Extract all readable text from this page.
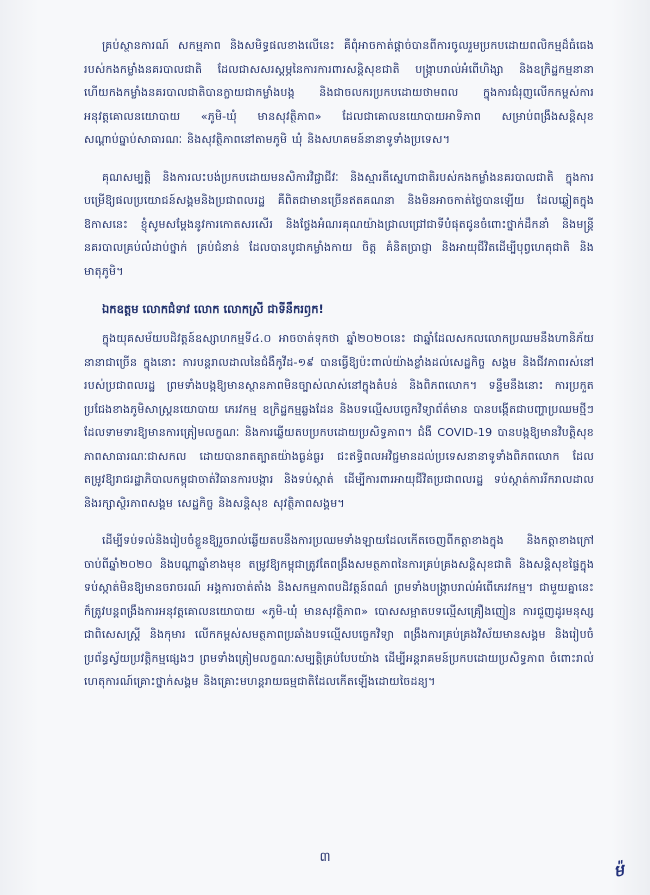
គ្រប់ស្ថានការណ៍ សកម្មភាព និងសមិទ្ធផលខាងលើនេះ គឺពុំអាចកាត់ផ្តាច់បានពីការចូលរួមប្រកបដោយពលិកម្មដ៏ធំធេងរបស់កងកម្លាំងនគរបាលជាតិ ដែលជាសសរស្តម្ភនៃការការពារសន្តិសុខជាតិ បង្ក្រាបរាល់អំពើហិង្សា និងឧក្រិដ្ឋកម្មនានា ហើយកងកម្លាំងនគរបាលជាតិបានក្លាយជាកម្លាំងបង្ក និងជាចលករប្រកបដោយថាមពល ក្នុងការជំរុញលើកកម្ពស់ការអនុវត្តគោលនយោបាយ «ភូមិ-ឃុំ មានសុវត្ថិភាព» ដែលជាគោលនយោបាយអាទិភាព សម្រាប់ពង្រឹងសន្តិសុខ សណ្តាប់ធ្នាប់សាធារណៈ និងសុវត្ថិភាពនៅតាមភូមិ ឃុំ និងសហគមន៍នានាទូទាំងប្រទេស។

គុណសម្បត្តិ និងការលះបង់ប្រកបដោយមនសិការវិជ្ជាជីវៈ និងស្មារតីស្នេហាជាតិរបស់កងកម្លាំងនគរបាលជាតិ ក្នុងការបម្រើឱ្យផលប្រយោជន៍សង្គមនិងប្រជាពលរដ្ឋ គឺពិតជាមានច្រើនឥតគណនា និងមិនអាចកាត់ថ្លៃបានឡើយ ដែលឆ្លៀតក្នុងឱកាសនេះ ខ្ញុំសូមសម្តែងនូវការកោតសរសើរ និងថ្លែងអំណរគុណយ៉ាងជ្រាលជ្រៅជាទីបំផុតជូនចំពោះថ្នាក់ដឹកនាំ និងមន្ត្រីនគរបាលគ្រប់លំដាប់ថ្នាក់ គ្រប់ជំនាន់ ដែលបានបូជាកម្លាំងកាយ ចិត្ត គំនិតប្រាជ្ញា និងអាយុជីវិតដើម្បីបុព្វហេតុជាតិ និងមាតុភូមិ។

ឯកឧត្តម លោកជំទាវ លោក លោកស្រី ជាទីនឹករឭក!

ក្នុងយុគសម័យបដិវត្តន៍ឧស្សាហកម្មទី៤.០ អាចចាត់ទុកថា ឆ្នាំ២០២០នេះ ជាឆ្នាំដែលសកលលោកប្រឈមនឹងហានិភ័យនានាជាច្រើន ក្នុងនោះ ការបន្តរាលដាលនៃជំងឺកូវីដ-១៩ បានធ្វើឱ្យប៉ះពាល់យ៉ាងខ្លាំងដល់សេដ្ឋកិច្ច សង្គម និងជីវភាពរស់នៅរបស់ប្រជាពលរដ្ឋ ព្រមទាំងបង្កឱ្យមានស្ថានភាពមិនច្បាស់លាស់នៅក្នុងតំបន់ និងពិភពលោក។ ទន្ទឹមនឹងនោះ ការប្រកួតប្រជែងខាងភូមិសាស្ត្រនយោបាយ ភេរវកម្ម ឧក្រិដ្ឋកម្មឆ្លងដែន និងបទល្មើសបច្ចេកវិទ្យាព័ត៌មាន បានបង្កើតជាបញ្ហាប្រឈមថ្មីៗ ដែលទាមទារឱ្យមានការត្រៀមលក្ខណៈ និងការឆ្លើយតបប្រកបដោយប្រសិទ្ធភាព។ ជំងឺ COVID-19 បានបង្កឱ្យមានវិបត្តិសុខភាពសាធារណៈជាសកល ដោយបានរាតត្បាតយ៉ាងធ្ងន់ធ្ងរ ជះឥទ្ធិពលអវិជ្ជមានដល់ប្រទេសនានាទូទាំងពិភពលោក ដែលតម្រូវឱ្យរាជរដ្ឋាភិបាលកម្ពុជាចាត់វិធានការបង្ការ និងទប់ស្កាត់ ដើម្បីការពារអាយុជីវិតប្រជាពលរដ្ឋ ទប់ស្កាត់ការរីករាលដាល និងរក្សាស្ថិរភាពសង្គម សេដ្ឋកិច្ច និងសន្តិសុខ សុវត្ថិភាពសង្គម។

ដើម្បីទប់ទល់និងរៀបចំខ្លួនឱ្យរួចរាល់ឆ្លើយតបនឹងការប្រឈមទាំងឡាយដែលកើតចេញពីកត្តាខាងក្នុង និងកត្តាខាងក្រៅ ចាប់ពីឆ្នាំ២០២០ និងបណ្តាឆ្នាំខាងមុខ តម្រូវឱ្យកម្ពុជាត្រូវតែពង្រឹងសមត្ថភាពនៃការគ្រប់គ្រងសន្តិសុខជាតិ និងសន្តិសុខផ្ទៃក្នុង ទប់ស្កាត់មិនឱ្យមានចរាចរណ៍ អង្គការចាត់តាំង និងសកម្មភាពបដិវត្តន៍ពណ៌ ព្រមទាំងបង្ក្រាបរាល់អំពើភេរវកម្ម។ ជាមួយគ្នានេះ ក៏ត្រូវបន្តពង្រឹងការអនុវត្តគោលនយោបាយ «ភូមិ-ឃុំ មានសុវត្ថិភាព» បោសសម្អាតបទល្មើសគ្រឿងញៀន ការជួញដូរមនុស្ស ជាពិសេសស្ត្រី និងកុមារ លើកកម្ពស់សមត្ថភាពប្រឆាំងបទល្មើសបច្ចេកវិទ្យា ពង្រឹងការគ្រប់គ្រងវិស័យមានសង្គម និងរៀបចំប្រព័ន្ធស្វ័យប្រវត្តិកម្មផ្សេងៗ ព្រមទាំងត្រៀមលក្ខណៈសម្បត្តិគ្រប់បែបយ៉ាង ដើម្បីអន្តរាគមន៍ប្រកបដោយប្រសិទ្ធភាព ចំពោះរាល់ហេតុការណ៍គ្រោះថ្នាក់សង្គម និងគ្រោះមហន្តរាយធម្មជាតិដែលកើតឡើងដោយចៃដន្យ។

៣
ម៉
